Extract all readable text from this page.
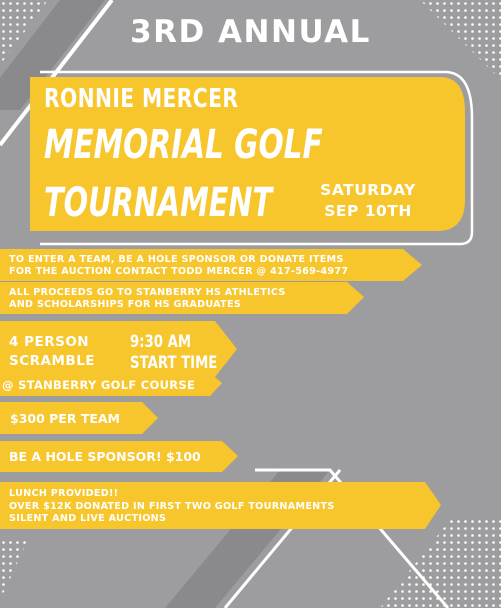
3RD ANNUAL
RONNIE MERCER
MEMORIAL GOLF
TOURNAMENT	SATURDAY
SEP 10TH
TO ENTER A TEAM, BE A HOLE SPONSOR OR DONATE ITEMS
FOR THE AUCTION CONTACT TODD MERCER @ 417-569-4977
ALL PROCEEDS GO TO STANBERRY HS ATHLETICS
AND SCHOLARSHIPS FOR HS GRADUATES
4 PERSON
SCRAMBLE
9:30 AM
START TIME
@ STANBERRY GOLF COURSE
$300 PER TEAM
BE A HOLE SPONSOR! $100
LUNCH PROVIDED!!
OVER $12K DONATED IN FIRST TWO GOLF TOURNAMENTS
SILENT AND LIVE AUCTIONS
